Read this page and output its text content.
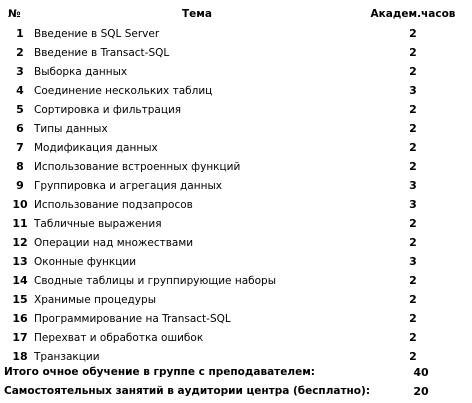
№	Тема	Академ.часов
1	Введение в SQL Server	2
2	Введение в Transact-SQL	2
3	Выборка данных	2
4	Соединение нескольких таблиц	3
5	Сортировка и фильтрация	2
6	Типы данных	2
7	Модификация данных	2
8	Использование встроенных функций	2
9	Группировка и агрегация данных	3
10	Использование подзапросов	3
11	Табличные выражения	2
12	Операции над множествами	2
13	Оконные функции	3
14	Сводные таблицы и группирующие наборы	2
15	Хранимые процедуры	2
16	Программирование на Transact-SQL	2
17	Перехват и обработка ошибок	2
18	Транзакции	2
Итого очное обучение в группе с преподавателем:	40
Самостоятельных занятий в аудитории центра (бесплатно):	20
